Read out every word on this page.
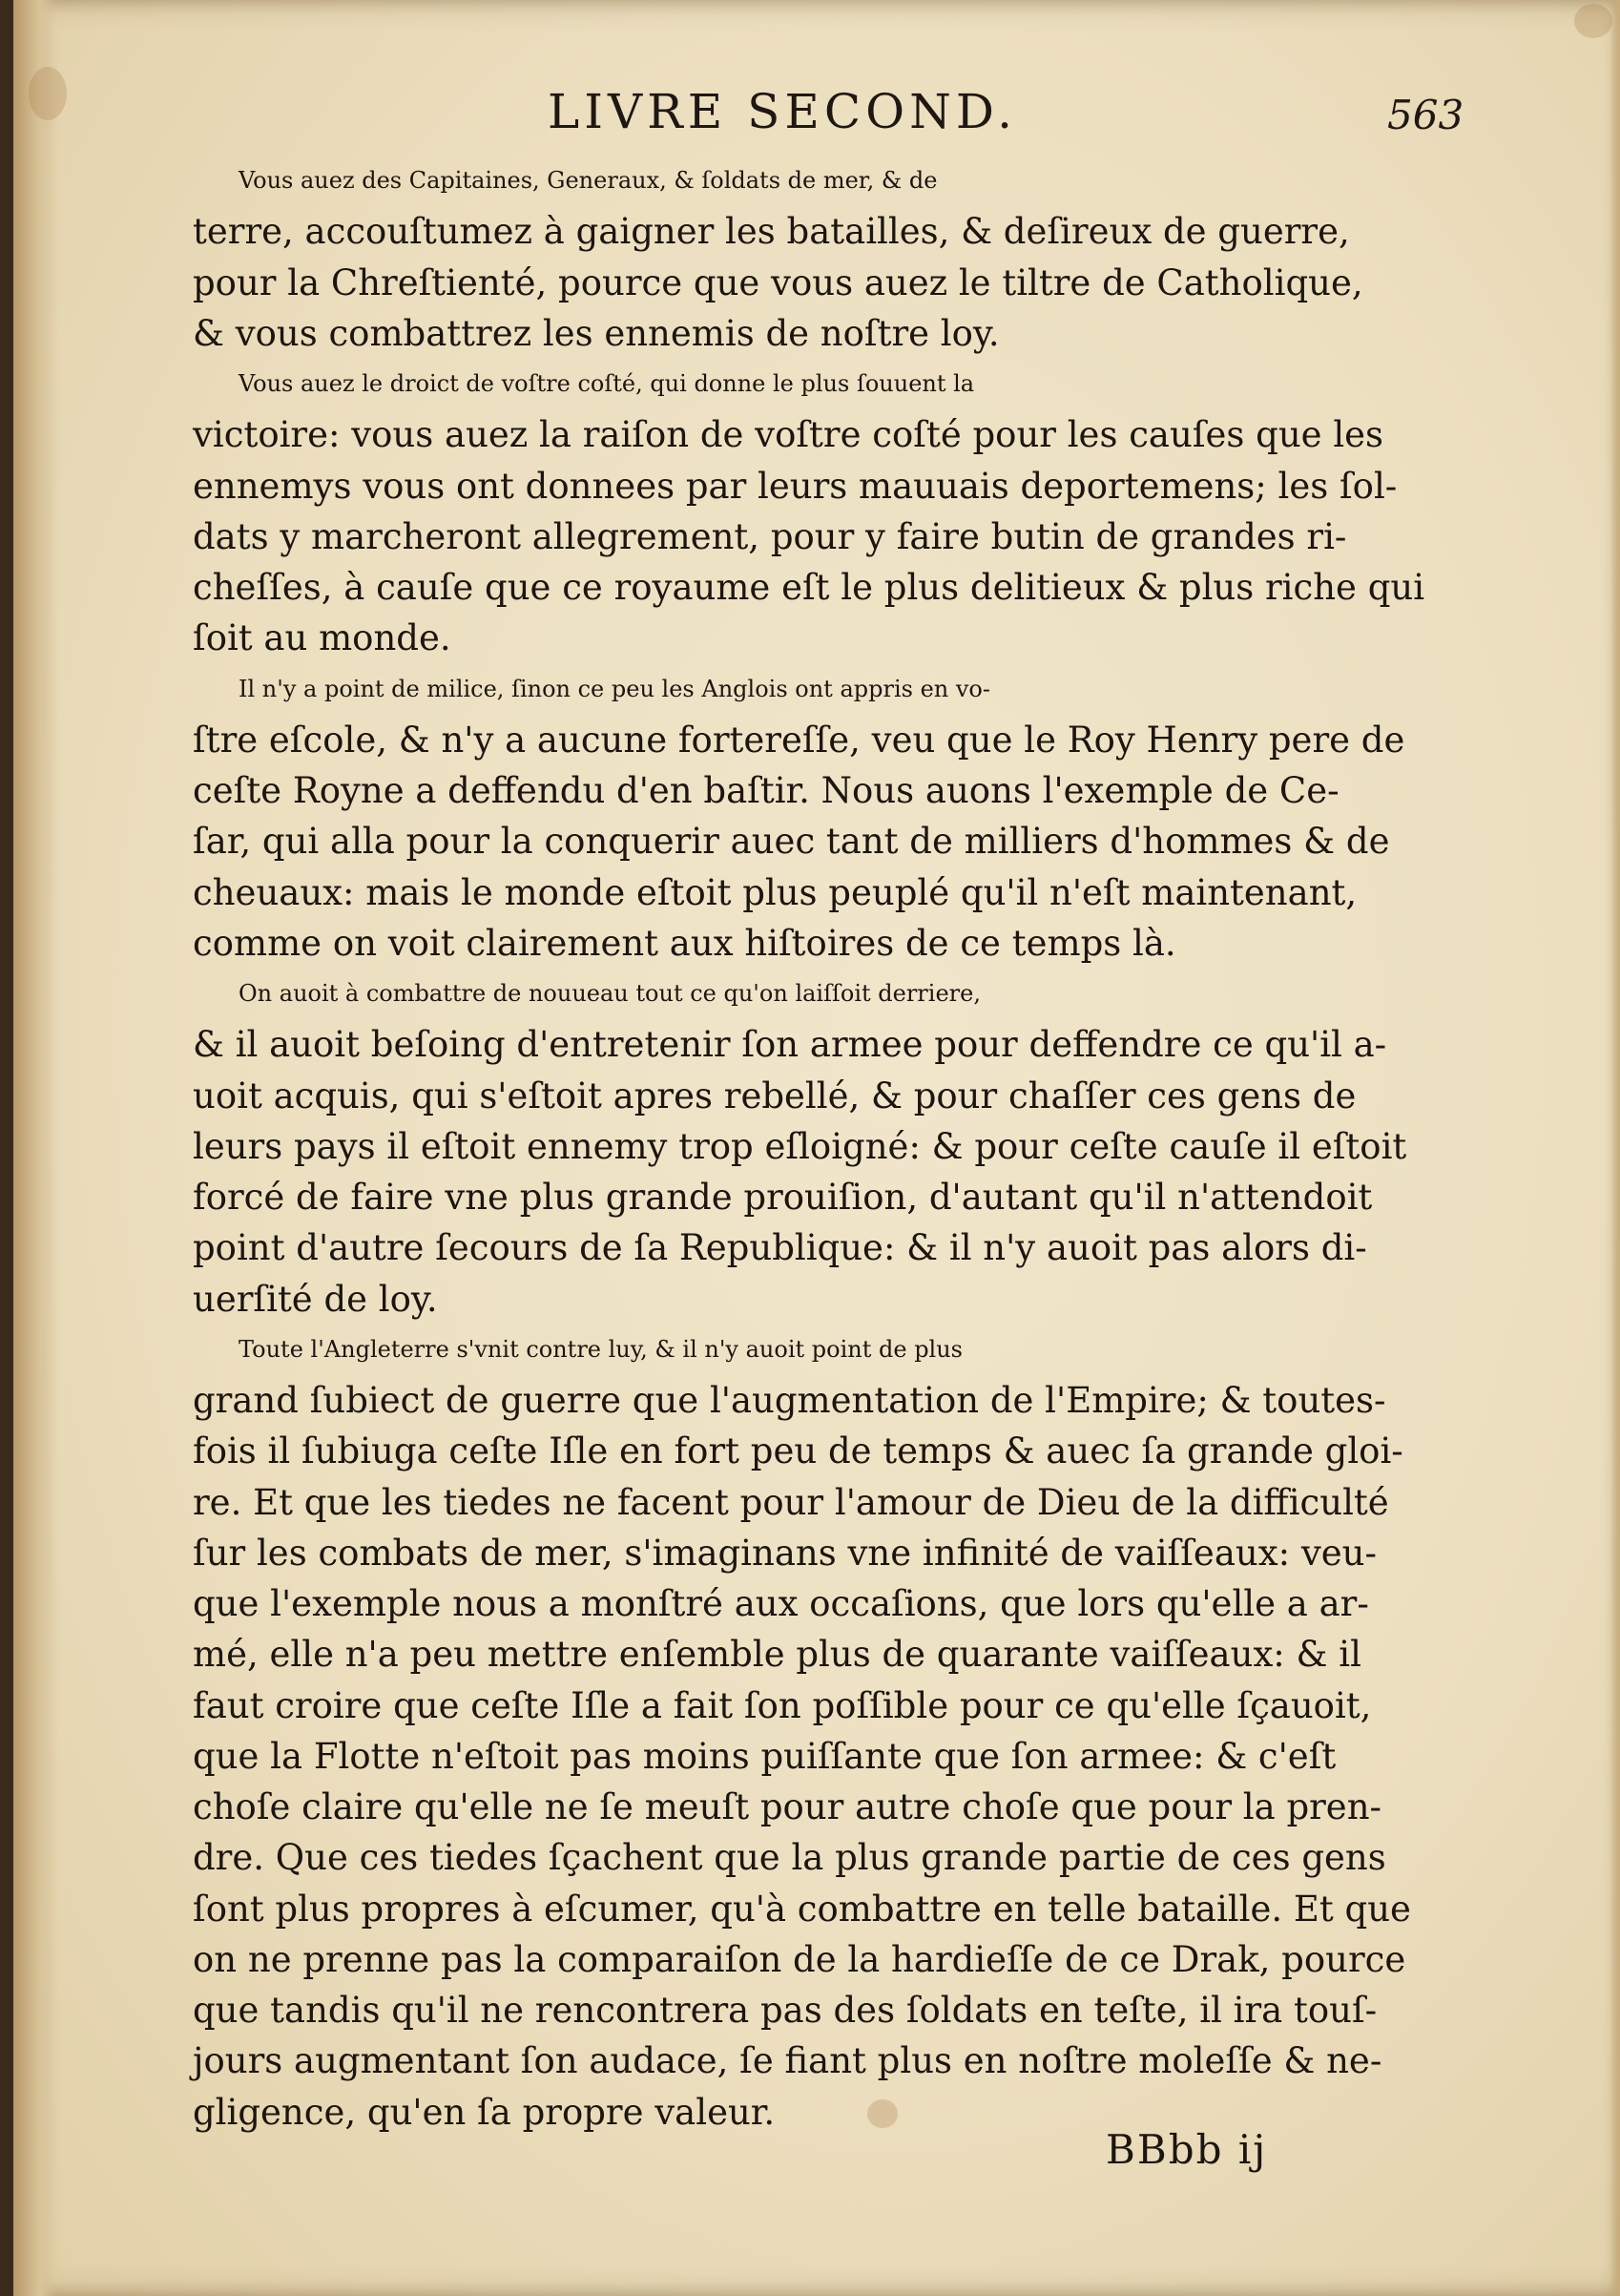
LIVRE SECOND.	563
Vous auez des Capitaines, Generaux, & ſoldats de mer, & de
terre, accouſtumez à gaigner les batailles, & deſireux de guerre,
pour la Chreſtienté, pource que vous auez le tiltre de Catholique,
& vous combattrez les ennemis de noſtre loy.
Vous auez le droict de voſtre coſté, qui donne le plus ſouuent la
victoire: vous auez la raiſon de voſtre coſté pour les cauſes que les
ennemys vous ont donnees par leurs mauuais deportemens; les ſol-
dats y marcheront allegrement, pour y faire butin de grandes ri-
cheſſes, à cauſe que ce royaume eſt le plus delitieux & plus riche qui
ſoit au monde.
Il n'y a point de milice, ſinon ce peu les Anglois ont appris en vo-
ſtre eſcole, & n'y a aucune fortereſſe, veu que le Roy Henry pere de
ceſte Royne a deffendu d'en baſtir. Nous auons l'exemple de Ce-
ſar, qui alla pour la conquerir auec tant de milliers d'hommes & de
cheuaux: mais le monde eſtoit plus peuplé qu'il n'eſt maintenant,
comme on voit clairement aux hiſtoires de ce temps là.
On auoit à combattre de nouueau tout ce qu'on laiſſoit derriere,
& il auoit beſoing d'entretenir ſon armee pour deffendre ce qu'il a-
uoit acquis, qui s'eſtoit apres rebellé, & pour chaſſer ces gens de
leurs pays il eſtoit ennemy trop eſloigné: & pour ceſte cauſe il eſtoit
forcé de faire vne plus grande prouiſion, d'autant qu'il n'attendoit
point d'autre ſecours de ſa Republique: & il n'y auoit pas alors di-
uerſité de loy.
Toute l'Angleterre s'vnit contre luy, & il n'y auoit point de plus
grand ſubiect de guerre que l'augmentation de l'Empire; & toutes-
fois il ſubiuga ceſte Iſle en fort peu de temps & auec ſa grande gloi-
re. Et que les tiedes ne facent pour l'amour de Dieu de la difficulté
ſur les combats de mer, s'imaginans vne infinité de vaiſſeaux: veu-
que l'exemple nous a monſtré aux occaſions, que lors qu'elle a ar-
mé, elle n'a peu mettre enſemble plus de quarante vaiſſeaux: & il
faut croire que ceſte Iſle a fait ſon poſſible pour ce qu'elle ſçauoit,
que la Flotte n'eſtoit pas moins puiſſante que ſon armee: & c'eſt
choſe claire qu'elle ne ſe meuſt pour autre choſe que pour la pren-
dre. Que ces tiedes ſçachent que la plus grande partie de ces gens
ſont plus propres à eſcumer, qu'à combattre en telle bataille. Et que
on ne prenne pas la comparaiſon de la hardieſſe de ce Drak, pource
que tandis qu'il ne rencontrera pas des ſoldats en teſte, il ira touſ-
jours augmentant ſon audace, ſe fiant plus en noſtre moleſſe & ne-
gligence, qu'en ſa propre valeur.
BBbb ij
